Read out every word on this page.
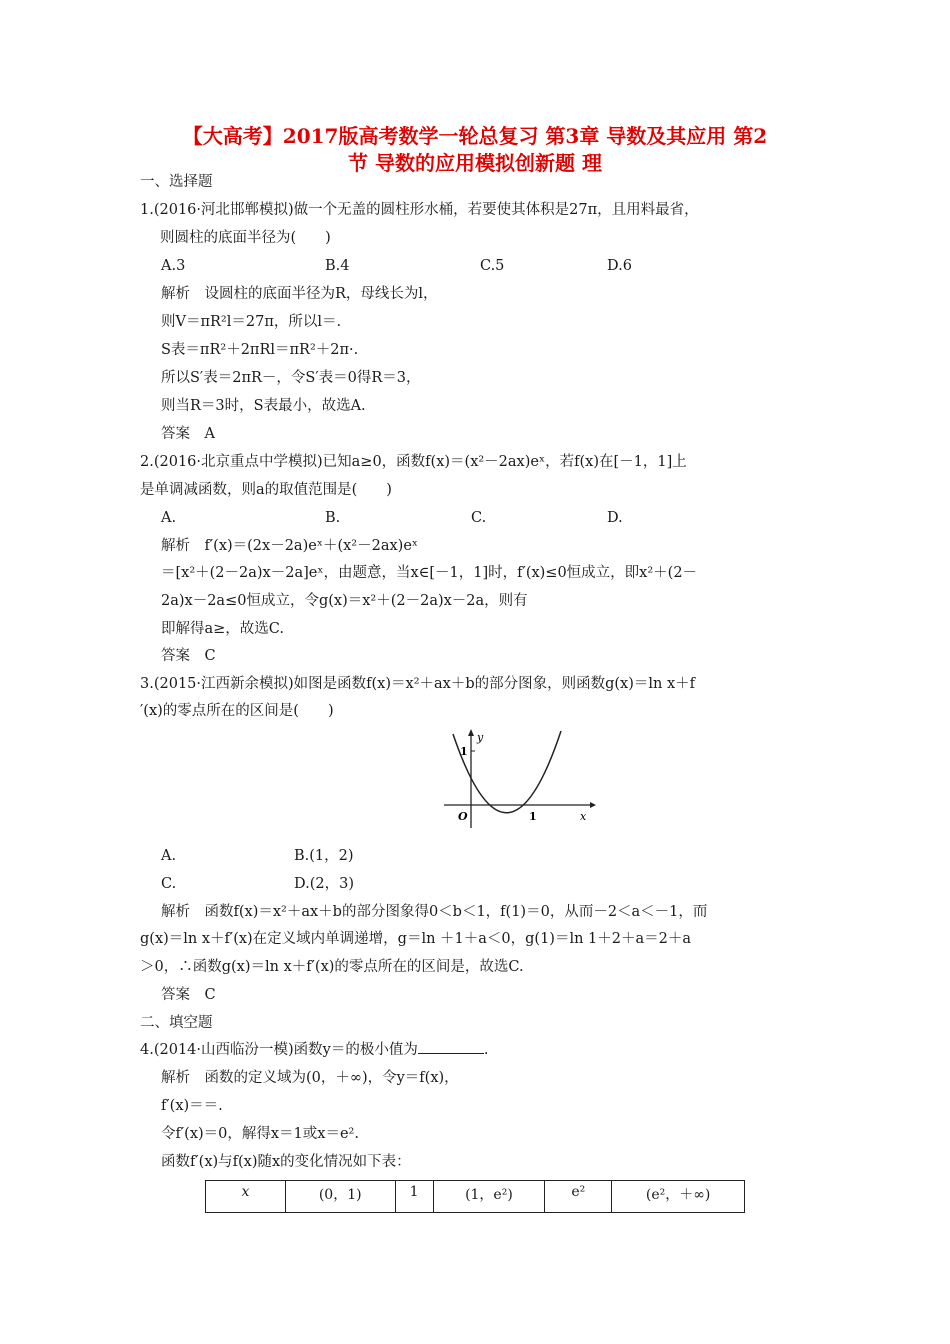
【大高考】2017版高考数学一轮总复习 第3章 导数及其应用 第2
节 导数的应用模拟创新题 理
一、选择题
1.(2016·河北邯郸模拟)做一个无盖的圆柱形水桶，若要使其体积是27π，且用料最省，
则圆柱的底面半径为(　　)
A.3	B.4	C.5	D.6
解析　设圆柱的底面半径为R，母线长为l，
则V＝πR²l＝27π，所以l＝.
S表＝πR²＋2πRl＝πR²＋2π·.
所以S′表＝2πR－，令S′表＝0得R＝3，
则当R＝3时，S表最小，故选A.
答案　A
2.(2016·北京重点中学模拟)已知a≥0，函数f(x)＝(x²－2ax)eˣ，若f(x)在[－1，1]上
是单调减函数，则a的取值范围是(　　)
A.	B.	C.	D.
解析　f′(x)＝(2x－2a)eˣ＋(x²－2ax)eˣ
＝[x²＋(2－2a)x－2a]eˣ，由题意，当x∈[－1，1]时，f′(x)≤0恒成立，即x²＋(2－
2a)x－2a≤0恒成立，令g(x)＝x²＋(2－2a)x－2a，则有
即解得a≥，故选C.
答案　C
3.(2015·江西新余模拟)如图是函数f(x)＝x²＋ax＋b的部分图象，则函数g(x)＝ln x＋f
′(x)的零点所在的区间是(　　)
y
1
O	1	x
A.	B.(1，2)
C.	D.(2，3)
解析　函数f(x)＝x²＋ax＋b的部分图象得0＜b＜1，f(1)＝0，从而－2＜a＜－1，而
g(x)＝ln x＋f′(x)在定义域内单调递增，g＝ln ＋1＋a＜0，g(1)＝ln 1＋2＋a＝2＋a
＞0，∴函数g(x)＝ln x＋f′(x)的零点所在的区间是，故选C.
答案　C
二、填空题
4.(2014·山西临汾一模)函数y＝的极小值为	.
解析　函数的定义域为(0，＋∞)，令y＝f(x)，
f′(x)＝＝.
令f′(x)＝0，解得x＝1或x＝e².
函数f′(x)与f(x)随x的变化情况如下表：
x	(0，1)	1	(1，e²)	e²	(e²，＋∞)
